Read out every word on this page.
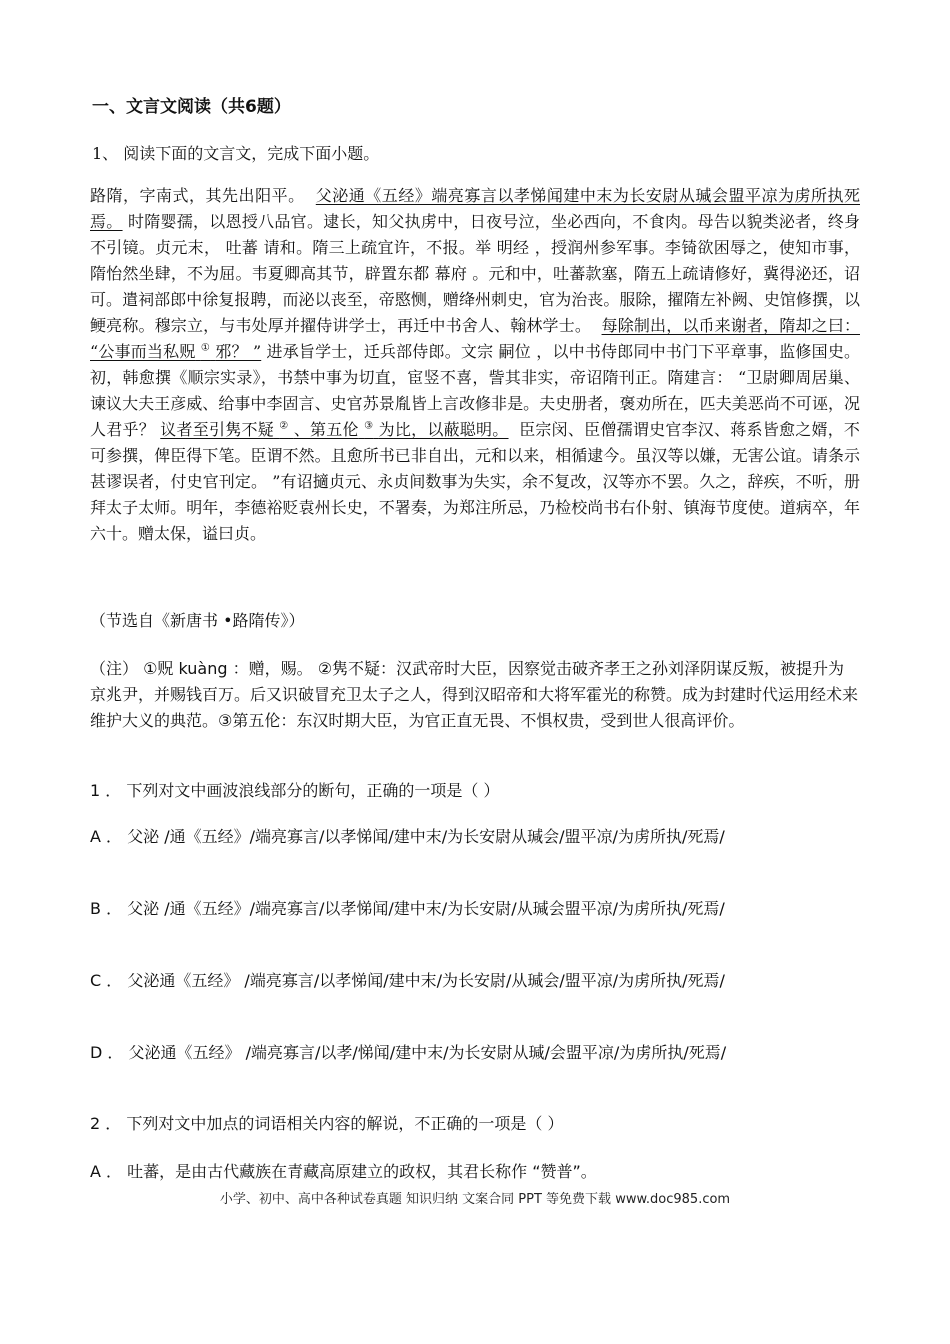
一、文言文阅读（共6题）
1、 阅读下面的文言文，完成下面小题。
路隋，字南式，其先出阳平。 父泌通《五经》端亮寡言以孝悌闻建中末为长安尉从瑊会盟平凉为虏所执死焉。 时隋婴孺，以恩授八品官。逮长，知父执虏中，日夜号泣，坐必西向，不食肉。母告以貌类泌者，终身不引镜。贞元末， 吐蕃 请和。隋三上疏宜许，不报。举 明经 ，授润州参军事。李锜欲困辱之，使知市事，隋怡然坐肆，不为屈。韦夏卿高其节，辟置东都 幕府 。元和中，吐蕃款塞，隋五上疏请修好，冀得泌还，诏可。遣祠部郎中徐复报聘，而泌以丧至，帝愍恻，赠绛州刺史，官为治丧。服除，擢隋左补阙、史馆修撰，以鲠亮称。穆宗立，与韦处厚并擢侍讲学士，再迁中书舍人、翰林学士。 每除制出，以币来谢者，隋却之曰： “公事而当私贶 ① 邪？ ” 进承旨学士，迁兵部侍郎。文宗 嗣位 ，以中书侍郎同中书门下平章事，监修国史。初，韩愈撰《顺宗实录》，书禁中事为切直，宦竖不喜，訾其非实，帝诏隋刊正。隋建言： “卫尉卿周居巢、谏议大夫王彦威、给事中李固言、史官苏景胤皆上言改修非是。夫史册者，褒劝所在，匹夫美恶尚不可诬，况人君乎？ 议者至引隽不疑 ② 、第五伦 ③ 为比，以蔽聪明。 臣宗闵、臣僧孺谓史官李汉、蒋系皆愈之婿，不可参撰，俾臣得下笔。臣谓不然。且愈所书已非自出，元和以来，相循逮今。虽汉等以嫌，无害公谊。请条示甚谬误者，付史官刊定。 ”有诏擿贞元、永贞间数事为失实，余不复改，汉等亦不罢。久之，辞疾，不听，册拜太子太师。明年，李德裕贬袁州长史，不署奏，为郑注所忌，乃检校尚书右仆射、镇海节度使。道病卒，年六十。赠太保，谥曰贞。
（节选自《新唐书 •路隋传》）
（注） ①贶 kuàng ：赠，赐。 ②隽不疑：汉武帝时大臣，因察觉击破齐孝王之孙刘泽阴谋反叛，被提升为京兆尹，并赐钱百万。后又识破冒充卫太子之人，得到汉昭帝和大将军霍光的称赞。成为封建时代运用经术来维护大义的典范。③第五伦：东汉时期大臣，为官正直无畏、不惧权贵，受到世人很高评价。
1 ． 下列对文中画波浪线部分的断句，正确的一项是（ ）
A ． 父泌 /通《五经》/端亮寡言/以孝悌闻/建中末/为长安尉从瑊会/盟平凉/为虏所执/死焉/
B ． 父泌 /通《五经》/端亮寡言/以孝悌闻/建中末/为长安尉/从瑊会盟平凉/为虏所执/死焉/
C ． 父泌通《五经》 /端亮寡言/以孝悌闻/建中末/为长安尉/从瑊会/盟平凉/为虏所执/死焉/
D ． 父泌通《五经》 /端亮寡言/以孝/悌闻/建中末/为长安尉从瑊/会盟平凉/为虏所执/死焉/
2 ． 下列对文中加点的词语相关内容的解说，不正确的一项是（ ）
A ． 吐蕃，是由古代藏族在青藏高原建立的政权，其君长称作 “赞普”。
小学、初中、高中各种试卷真题 知识归纳 文案合同 PPT 等免费下载 www.doc985.com
